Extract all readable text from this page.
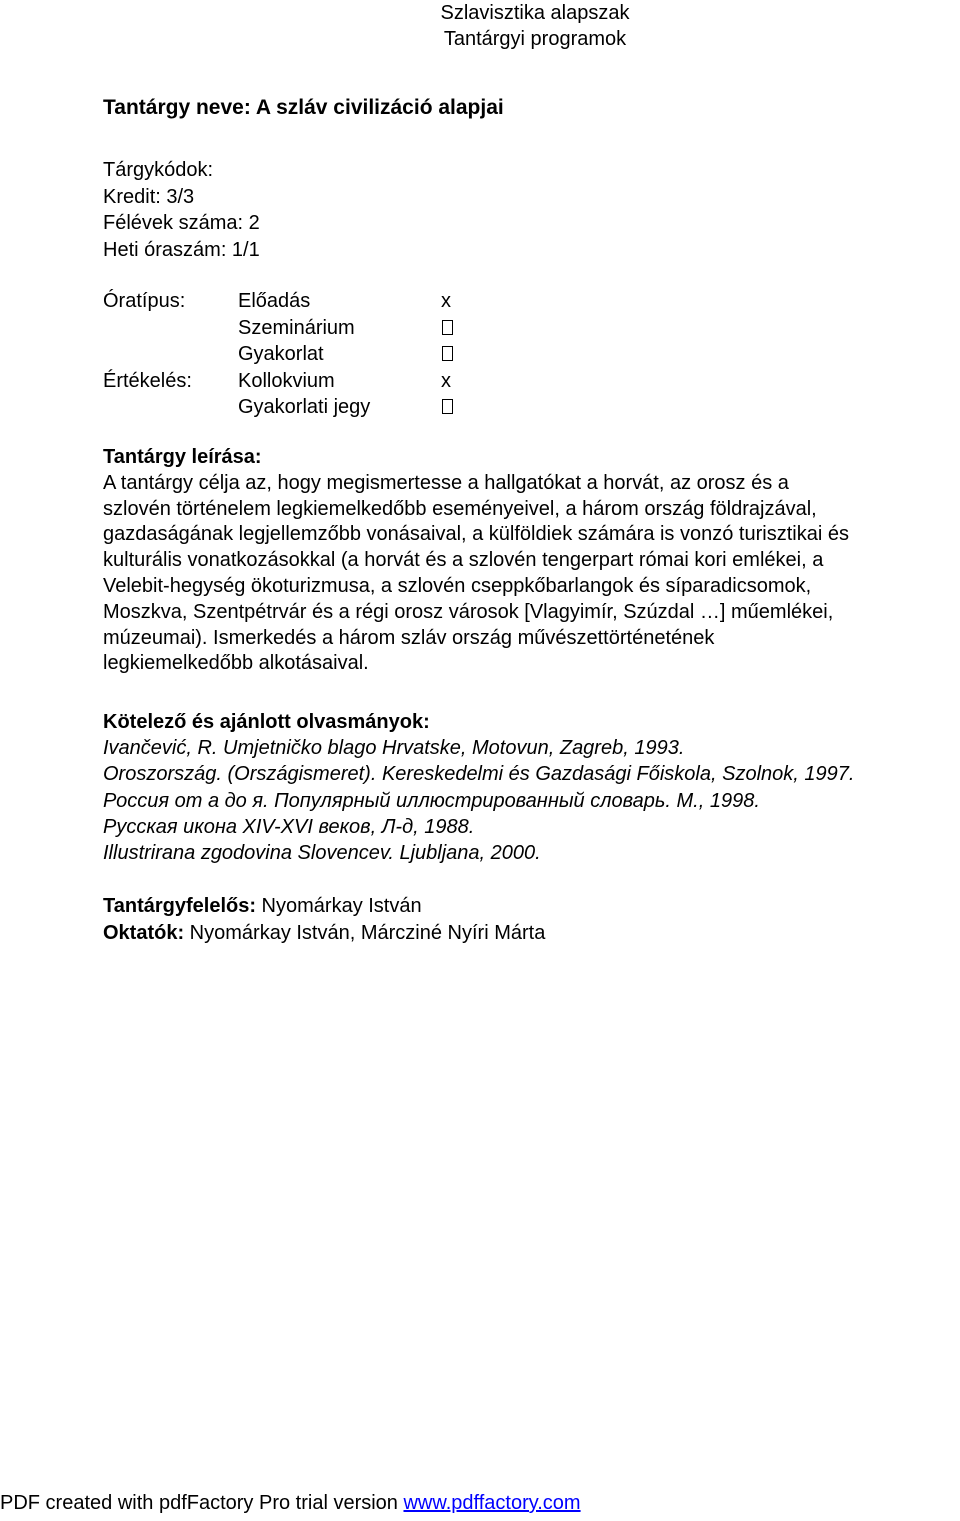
Szlavisztika alapszak
Tantárgyi programok
Tantárgy neve: A szláv civilizáció alapjai
Tárgykódok:
Kredit: 3/3
Félévek száma: 2
Heti óraszám: 1/1
Óratípus:	Előadás	x
Szeminárium
Gyakorlat
Értékelés: Kollokvium	x
Gyakorlati jegy
Tantárgy leírása:
A tantárgy célja az, hogy megismertesse a hallgatókat a horvát, az orosz és a
szlovén történelem legkiemelkedőbb eseményeivel, a három ország földrajzával,
gazdaságának legjellemzőbb vonásaival, a külföldiek számára is vonzó turisztikai és
kulturális vonatkozásokkal (a horvát és a szlovén tengerpart római kori emlékei, a
Velebit-hegység ökoturizmusa, a szlovén cseppkőbarlangok és síparadicsomok,
Moszkva, Szentpétrvár és a régi orosz városok [Vlagyimír, Szúzdal …] műemlékei,
múzeumai). Ismerkedés a három szláv ország művészettörténetének
legkiemelkedőbb alkotásaival.
Kötelező és ajánlott olvasmányok:
Ivančević, R. Umjetničko blago Hrvatske, Motovun, Zagreb, 1993.
Oroszország. (Országismeret). Kereskedelmi és Gazdasági Főiskola, Szolnok, 1997.
Россия от а до я. Популярный иллюстрированный словарь. М., 1998.
Русская икона XIV-XVI веков, Л-д, 1988.
Illustrirana zgodovina Slovencev. Ljubljana, 2000.
Tantárgyfelelős: Nyomárkay István
Oktatók: Nyomárkay István, Márcziné Nyíri Márta
PDF created with pdfFactory Pro trial version www.pdffactory.com
